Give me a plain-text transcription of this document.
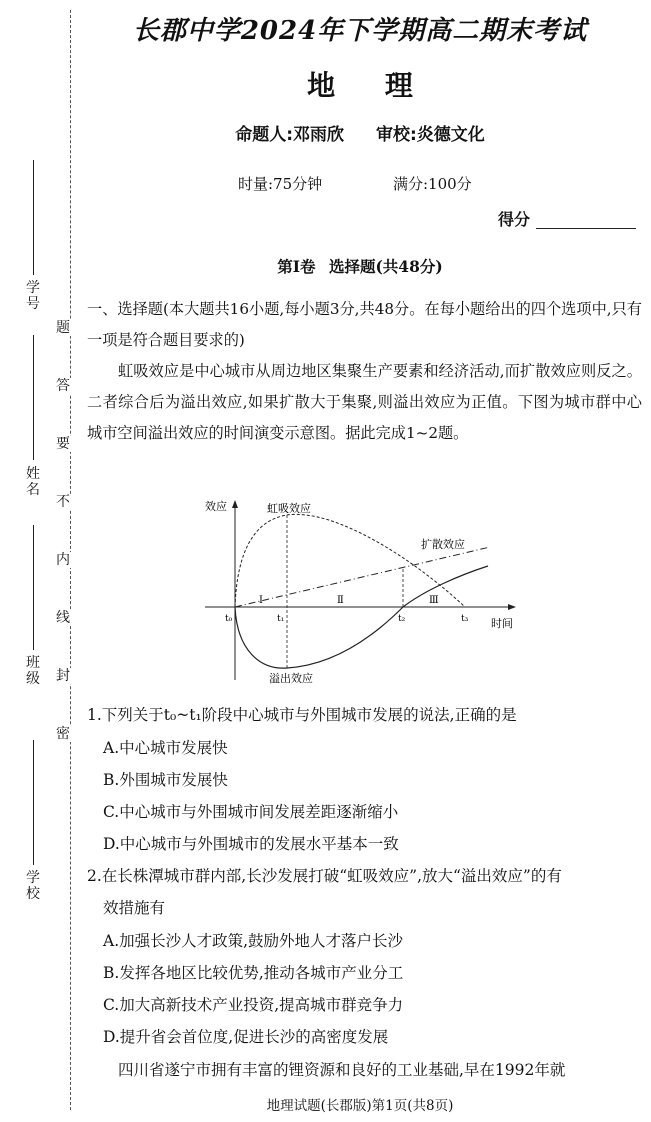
学 号
姓 名
班 级
学 校
题
答
要
不
内
线
封
密
长郡中学2024年下学期高二期末考试
地 理
命题人:邓雨欣 审校:炎德文化
时量:75分钟	满分:100分
得分
第Ⅰ卷 选择题(共48分)
一、选择题(本大题共16小题,每小题3分,共48分。在每小题给出的四个选项中,只有一项是符合题目要求的)
虹吸效应是中心城市从周边地区集聚生产要素和经济活动,而扩散效应则反之。二者综合后为溢出效应,如果扩散大于集聚,则溢出效应为正值。下图为城市群中心城市空间溢出效应的时间演变示意图。据此完成1~2题。
效应
时间
虹吸效应
扩散效应
溢出效应
Ⅰ	Ⅱ	Ⅲ
t₀	t₁	t₂	t₃
1.下列关于t₀~t₁阶段中心城市与外围城市发展的说法,正确的是
A.中心城市发展快
B.外围城市发展快
C.中心城市与外围城市间发展差距逐渐缩小
D.中心城市与外围城市的发展水平基本一致
2.在长株潭城市群内部,长沙发展打破“虹吸效应”,放大“溢出效应”的有
效措施有
A.加强长沙人才政策,鼓励外地人才落户长沙
B.发挥各地区比较优势,推动各城市产业分工
C.加大高新技术产业投资,提高城市群竞争力
D.提升省会首位度,促进长沙的高密度发展
四川省遂宁市拥有丰富的锂资源和良好的工业基础,早在1992年就
地理试题(长郡版)第1页(共8页)
